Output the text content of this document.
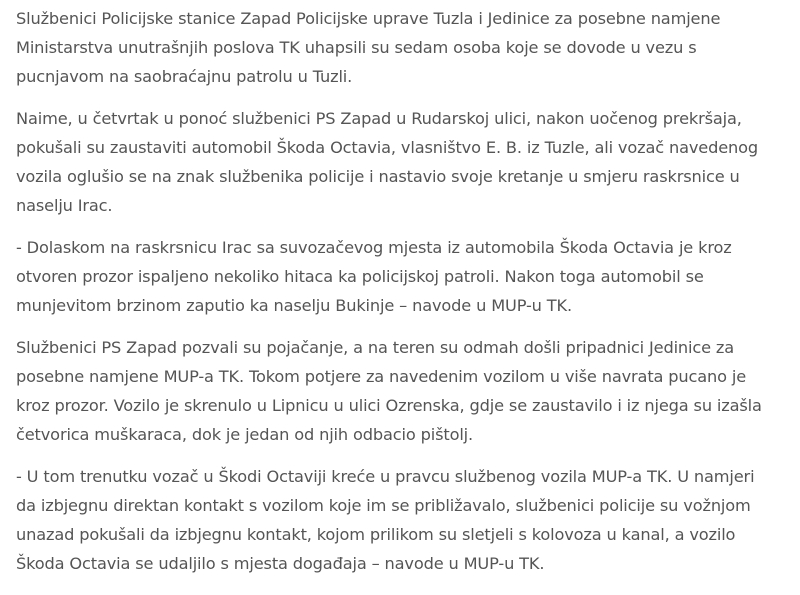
Službenici Policijske stanice Zapad Policijske uprave Tuzla i Jedinice za posebne namjene
Ministarstva unutrašnjih poslova TK uhapsili su sedam osoba koje se dovode u vezu s
pucnjavom na saobraćajnu patrolu u Tuzli.

Naime, u četvrtak u ponoć službenici PS Zapad u Rudarskoj ulici, nakon uočenog prekršaja,
pokušali su zaustaviti automobil Škoda Octavia, vlasništvo E. B. iz Tuzle, ali vozač navedenog
vozila oglušio se na znak službenika policije i nastavio svoje kretanje u smjeru raskrsnice u
naselju Irac.

- Dolaskom na raskrsnicu Irac sa suvozačevog mjesta iz automobila Škoda Octavia je kroz
otvoren prozor ispaljeno nekoliko hitaca ka policijskoj patroli. Nakon toga automobil se
munjevitom brzinom zaputio ka naselju Bukinje – navode u MUP-u TK.

Službenici PS Zapad pozvali su pojačanje, a na teren su odmah došli pripadnici Jedinice za
posebne namjene MUP-a TK. Tokom potjere za navedenim vozilom u više navrata pucano je
kroz prozor. Vozilo je skrenulo u Lipnicu u ulici Ozrenska, gdje se zaustavilo i iz njega su izašla
četvorica muškaraca, dok je jedan od njih odbacio pištolj.

- U tom trenutku vozač u Škodi Octaviji kreće u pravcu službenog vozila MUP-a TK. U namjeri
da izbjegnu direktan kontakt s vozilom koje im se približavalo, službenici policije su vožnjom
unazad pokušali da izbjegnu kontakt, kojom prilikom su sletjeli s kolovoza u kanal, a vozilo
Škoda Octavia se udaljilo s mjesta događaja – navode u MUP-u TK.
